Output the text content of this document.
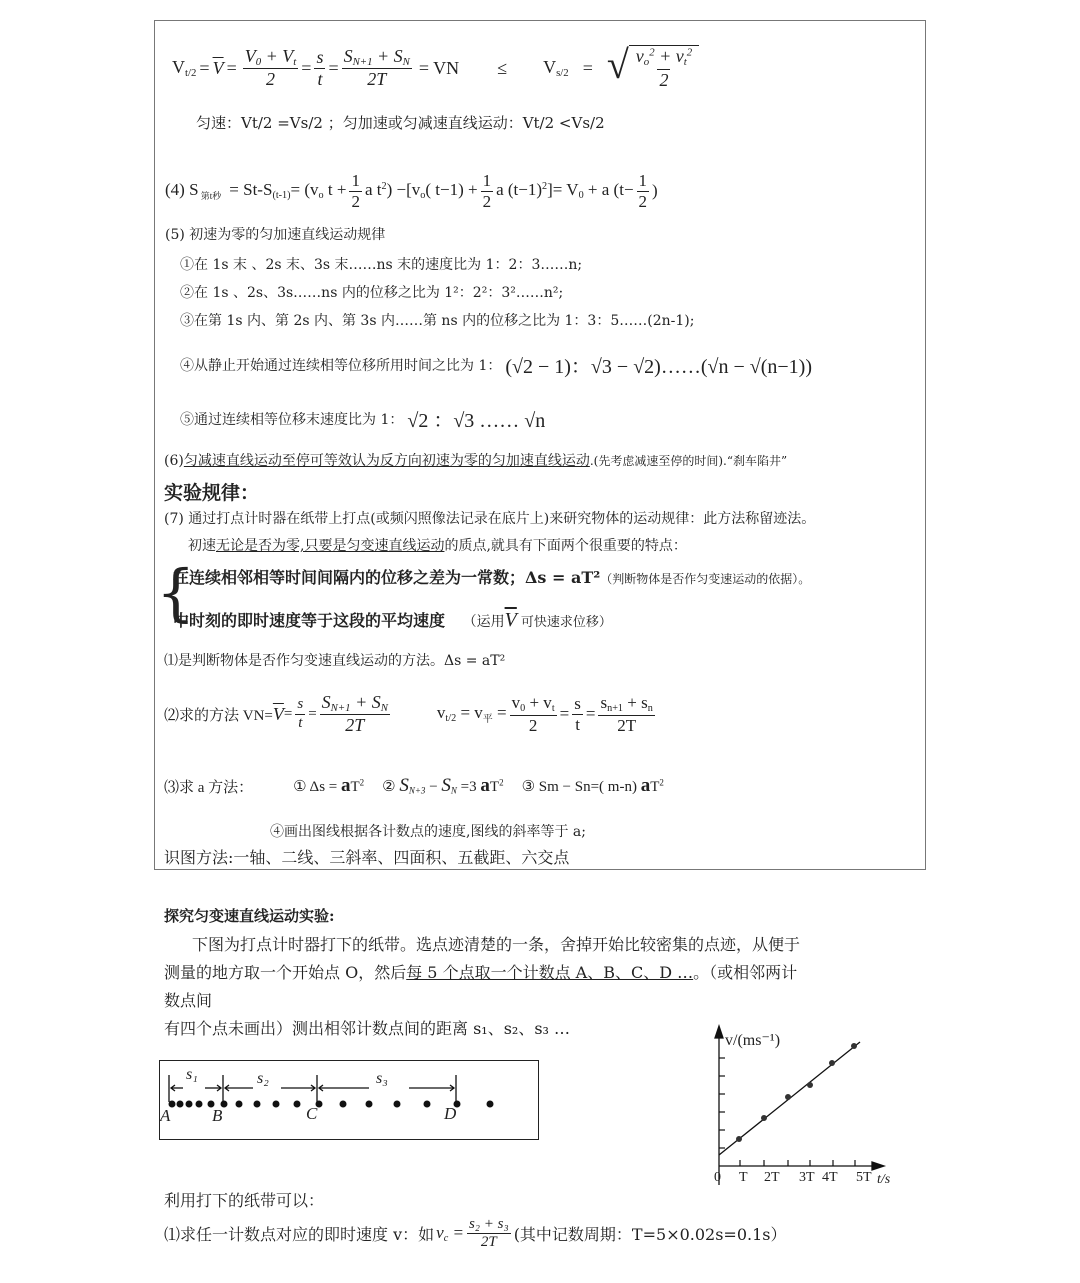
$V_{t/2} = \overline{V} = \frac{V_0 + V_t}{2} = \frac{s}{t} = \frac{S_{N+1} + S_N}{2T}$ = VN ≤ $V_{s/2}$ = √ $\frac{v_o^2 + v_t^2}{2}$
匀速：Vt/2 =Vs/2 ；匀加速或匀减速直线运动：Vt/2 <Vs/2
(4) S $_{第t秒} = St-S_{(t-1)}= (v_o$ $t + \frac{1}{2}$ a $t^2) -[v_o$( $t-1) + \frac{1}{2}$ a $(t-1)^2]= V_0 + a$ ($t- \frac{1}{2}$ )
(5) 初速为零的匀加速直线运动规律
①在 1s 末 、2s 末、3s 末……ns 末的速度比为 1：2：3……n;
②在 1s 、2s、3s……ns 内的位移之比为 1²：2²：3²……n²;
③在第 1s 内、第 2s 内、第 3s 内……第 ns 内的位移之比为 1：3：5……(2n-1);
④从静止开始通过连续相等位移所用时间之比为 1： (√2 − 1)：√3 − √2)……(√n − √(n−1))
⑤通过连续相等位移末速度比为 1： √2 ：√3 …… √n
(6)匀减速直线运动至停可等效认为反方向初速为零的匀加速直线运动.(先考虑减速至停的时间).“刹车陷井”
实验规律：
(7) 通过打点计时器在纸带上打点(或频闪照像法记录在底片上)来研究物体的运动规律：此方法称留迹法。
初速无论是否为零,只要是匀变速直线运动的质点,就具有下面两个很重要的特点：
{
在连续相邻相等时间间隔内的位移之差为一常数；Δs = aT²（判断物体是否作匀变速运动的依据）。
中时刻的即时速度等于这段的平均速度 （运用$\overline{V}$ 可快速求位移）
⑴是判断物体是否作匀变速直线运动的方法。Δs = aT²
⑵求的方法 $VN= \overline{V} = \frac{s}{t} = \frac{S_{N+1} + S_N}{2T}$	$v_{t/2} = v_平 = \frac{v_0 + v_t}{2} = \frac{s}{t} = \frac{s_{n+1} + s_n}{2T}$
⑶求 a 方法：	① $\Delta s = aT^2$ ② $S_{N+3} - S_N =3$ $aT^2$ ③ Sm − Sn=( m-n) $aT^2$
④画出图线根据各计数点的速度,图线的斜率等于 a;
识图方法:一轴、二线、三斜率、四面积、五截距、六交点
探究匀变速直线运动实验:
下图为打点计时器打下的纸带。选点迹清楚的一条，舍掉开始比较密集的点迹，从便于
测量的地方取一个开始点 O，然后每 5 个点取一个计数点 A、B、C、D …。（或相邻两计
数点间
有四个点未画出）测出相邻计数点间的距离 s₁、s₂、s₃ …
s₁	s₂	s₃
A B	C	D
v/(ms⁻¹)
0 T 2T 3T 4T 5T t/s
利用打下的纸带可以：
⑴求任一计数点对应的即时速度 v：如 $v_c = \frac{\text{s₂ + s₃}}{2T}$ (其中记数周期：T=5×0.02s=0.1s）
